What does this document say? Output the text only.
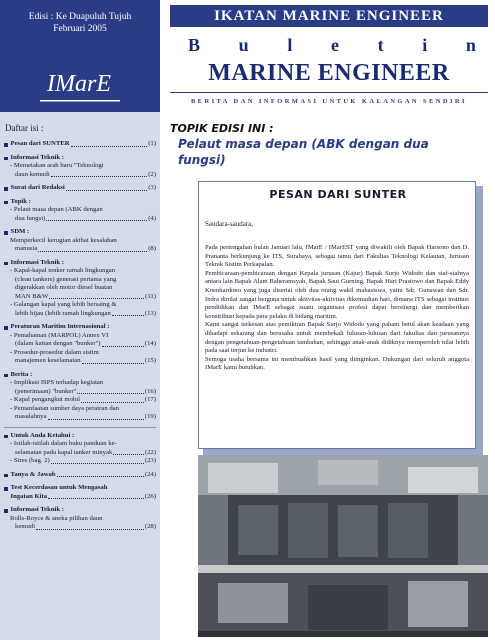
Edisi : Ke Duapuluh Tujuh
Februari 2005
IMarE
Daftar isi :
Pesan dari SUNTER	(1)
Informasi Teknik :
- Memetakan arah baru "Teknologi
daun kemudi	(2)
Surat dari Redaksi	(3)
Topik :
- Pelaut masa depan (ABK dengan
dua fungsi)	(4)
SDM :
Memperkecil kerugian akibat kesalahan
manusia	(8)
Informasi Teknik :
- Kapal-kapal tenker ramah lingkungan
(clean tankers) generasi pertama yang
digerakkan oleh motor diesel buatan
MAN B&W	(11)
- Galangan kapal yang lebih bersaing &
lebih hijau (lebih ramah lingkungan	(13)
Peraturan Maritim Internasional :
- Pemahaman (MARPOL) Annex VI
(dalam kaitan dengan "bunker")	(14)
- Prosedur-prosedur dalam sistim
manajemen keselamatan	(15)
Berita :
- Implikasi ISPS terhadap kegiatan
(penerimaan) "bunker"	(16)
- Kapal pengangkut mobil	(17)
- Pemanfaatan sumber daya perairan dan
masalahnya	(19)
Untuk Anda Ketahui :
- Istilah-istilah dalam buku panduan ke-
selamatan pada kapal tanker minyak	(22)
- Stres (bag. 2)	(23)
Tanya & Jawab	(24)
Test Kecerdasan untuk Mengasah
Ingatan Kita	(26)
Informasi Teknik :
Rolls-Royce & aneka pilihan daun
kemudi	(28)
IKATAN MARINE ENGINEER
B u l e t i n
MARINE ENGINEER
BERITA DAN INFORMASI UNTUK KALANGAN SENDIRI
TOPIK EDISI INI :
Pelaut masa depan (ABK dengan dua fungsi)
PESAN DARI SUNTER
Saudara-saudara,

Pada pertengahan bulan Januari lalu, IMarE / IMarEST yang diwakili oleh Bapak Harsono dan D. Prananta berkunjung ke ITS, Surabaya, sebagai tamu dari Fakultas Teknologi Kelautan, Jurusan Teknik Sistim Perkapalan.

Pembicaraan-pembicaraan dengan Kepala jurusan (Kajur) Bapak Surjo Widodo dan staf-stafnya antara lain Bapak Alam Baheramsyah, Bapak Saut Gurning, Bapak Hari Prastowo dan Bapak Eddy Koenhardono yang juga disertai oleh dua orang wakil mahasiswa, yaitu Sdr. Gunawan dan Sdr. Indra dinilai sangat berguna untuk aktivitas-aktivitas dikemudian hari, dimana ITS sebagai institusi pendidikan dan IMarE sebagai suatu organisasi profesi dapat bersinergi dan memberikan konstribusi kepada para pelaku di bidang maritim.

Kami sangat terkesan atas pemikiran Bapak Surjo Widodo yang paham betul akan keadaan yang dihadapi sekarang dan berusaha untuk membekali lulusan-lulusan dari fakultas dan jurusannya dengan pengetahuan-pengetahuan tambahan, sehingga anak-anak didiknya memperoleh nilai lebih pada saat terjun ke industri.

Semoga usaha bersama ini membuahkan hasil yang diinginkan. Dukungan dari seluruh anggota IMarE kami butuhkan.
